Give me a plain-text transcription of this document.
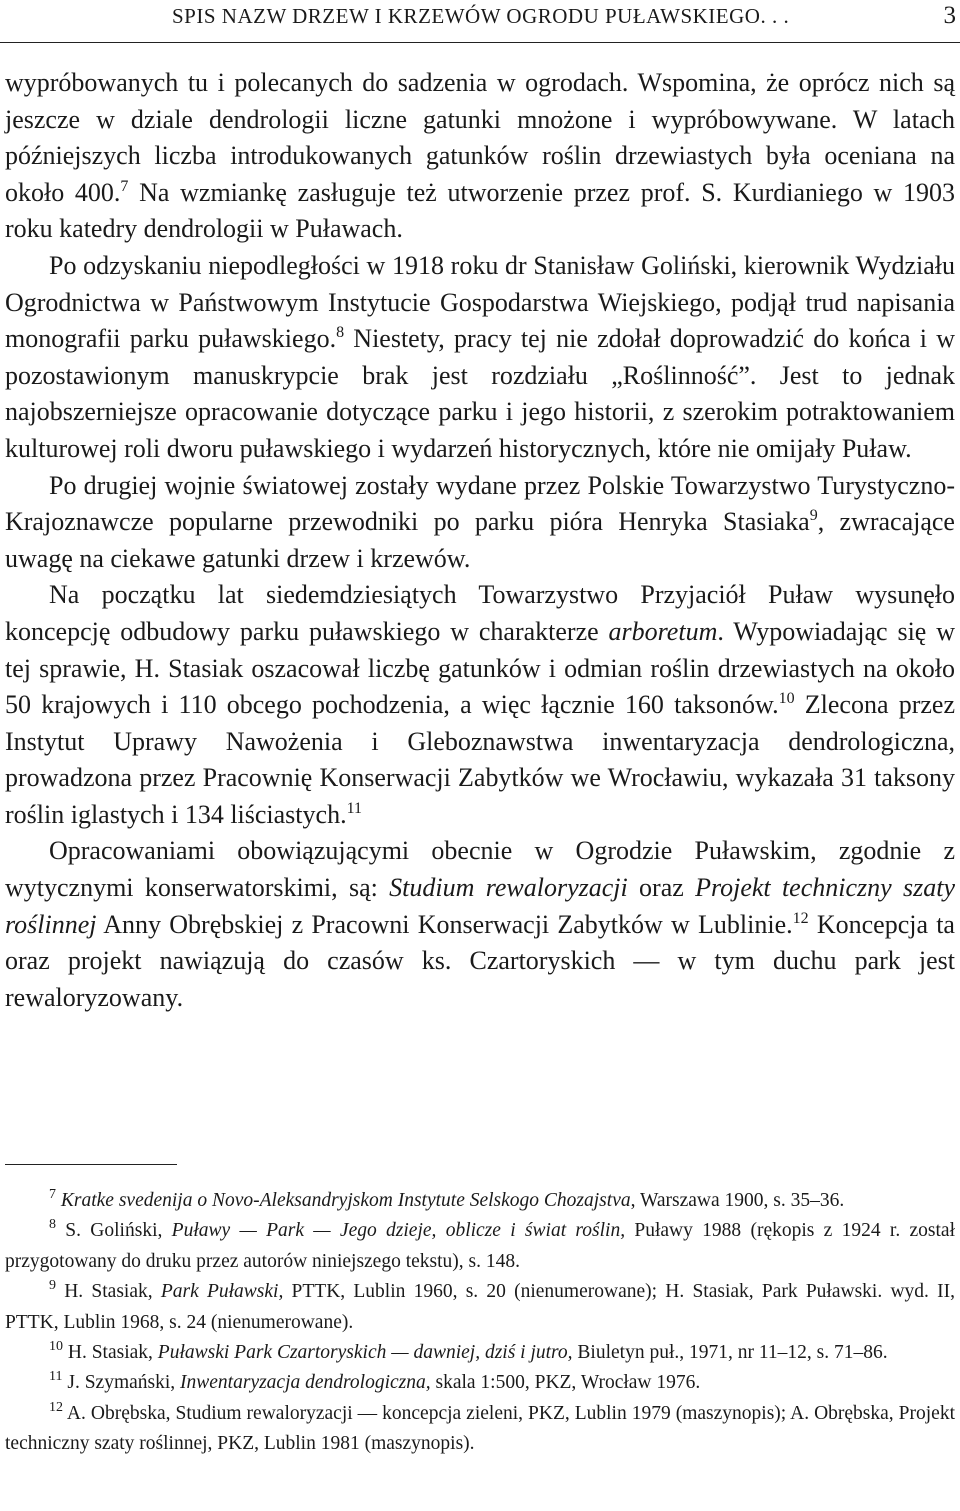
SPIS NAZW DRZEW I KRZEWÓW OGRODU PUŁAWSKIEGO. . .	3

wypróbowanych tu i polecanych do sadzenia w ogrodach. Wspomina, że oprócz nich są jeszcze w dziale dendrologii liczne gatunki mnożone i wypróbowywane. W latach późniejszych liczba introdukowanych gatunków roślin drzewiastych była oceniana na około 400.$^7$ Na wzmiankę zasługuje też utworzenie przez prof. S. Kurdianiego w 1903 roku katedry dendrologii w Puławach.

Po odzyskaniu niepodległości w 1918 roku dr Stanisław Goliński, kierownik Wydziału Ogrodnictwa w Państwowym Instytucie Gospodarstwa Wiejskiego, podjął trud napisania monografii parku puławskiego.$^8$ Niestety, pracy tej nie zdołał doprowadzić do końca i w pozostawionym manuskrypcie brak jest rozdziału „Roślinność”. Jest to jednak najobszerniejsze opracowanie dotyczące parku i jego historii, z szerokim potraktowaniem kulturowej roli dworu puławskiego i wydarzeń historycznych, które nie omijały Puław.

Po drugiej wojnie światowej zostały wydane przez Polskie Towarzystwo Turystyczno-Krajoznawcze popularne przewodniki po parku pióra Henryka Stasiaka$^9$, zwracające uwagę na ciekawe gatunki drzew i krzewów.

Na początku lat siedemdziesiątych Towarzystwo Przyjaciół Puław wysunęło koncepcję odbudowy parku puławskiego w charakterze arboretum. Wypowiadając się w tej sprawie, H. Stasiak oszacował liczbę gatunków i odmian roślin drzewiastych na około 50 krajowych i 110 obcego pochodzenia, a więc łącznie 160 taksonów.$^{10}$ Zlecona przez Instytut Uprawy Nawożenia i Gleboznawstwa inwentaryzacja dendrologiczna, prowadzona przez Pracownię Konserwacji Zabytków we Wrocławiu, wykazała 31 taksony roślin iglastych i 134 liściastych.$^{11}$

Opracowaniami obowiązującymi obecnie w Ogrodzie Puławskim, zgodnie z wytycznymi konserwatorskimi, są: Studium rewaloryzacji oraz Projekt techniczny szaty roślinnej Anny Obrębskiej z Pracowni Konserwacji Zabytków w Lublinie.$^{12}$ Koncepcja ta oraz projekt nawiązują do czasów ks. Czartoryskich — w tym duchu park jest rewaloryzowany.

$^7$ Kratke svedenija o Novo-Aleksandryjskom Instytute Selskogo Chozajstva, Warszawa 1900, s. 35–36.

$^8$ S. Goliński, Puławy — Park — Jego dzieje, oblicze i świat roślin, Puławy 1988 (rękopis z 1924 r. został przygotowany do druku przez autorów niniejszego tekstu), s. 148.

$^9$ H. Stasiak, Park Puławski, PTTK, Lublin 1960, s. 20 (nienumerowane); H. Stasiak, Park Puławski. wyd. II, PTTK, Lublin 1968, s. 24 (nienumerowane).

$^{10}$ H. Stasiak, Puławski Park Czartoryskich — dawniej, dziś i jutro, Biuletyn puł., 1971, nr 11–12, s. 71–86.

$^{11}$ J. Szymański, Inwentaryzacja dendrologiczna, skala 1:500, PKZ, Wrocław 1976.

$^{12}$ A. Obrębska, Studium rewaloryzacji — koncepcja zieleni, PKZ, Lublin 1979 (maszynopis); A. Obrębska, Projekt techniczny szaty roślinnej, PKZ, Lublin 1981 (maszynopis).
